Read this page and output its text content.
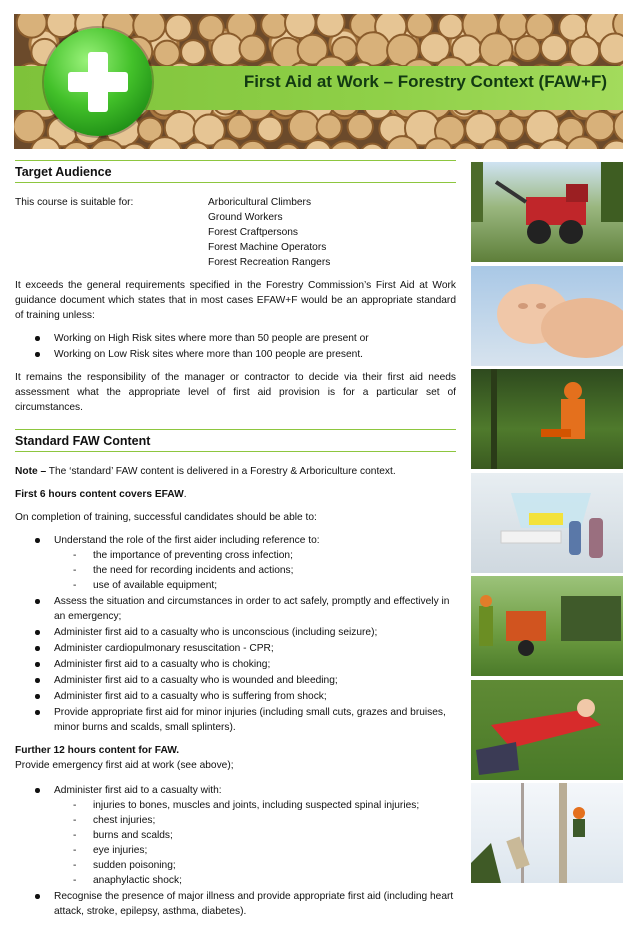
First Aid at Work – Forestry Context (FAW+F)
Target Audience
This course is suitable for:	Arboricultural Climbers
Ground Workers
Forest Craftpersons
Forest Machine Operators
Forest Recreation Rangers

It exceeds the general requirements specified in the Forestry Commission’s First Aid at Work guidance document which states that in most cases EFAW+F would be an appropriate standard of training unless:

Working on High Risk sites where more than 50 people are present or
Working on Low Risk sites where more than 100 people are present.

It remains the responsibility of the manager or contractor to decide via their first aid needs assessment what the appropriate level of first aid provision is for a particular set of circumstances.

Standard FAW Content

Note – The ‘standard’ FAW content is delivered in a Forestry & Arboriculture context.

First 6 hours content covers EFAW.

On completion of training, successful candidates should be able to:

Understand the role of the first aider including reference to:
- the importance of preventing cross infection;
- the need for recording incidents and actions;
- use of available equipment;
Assess the situation and circumstances in order to act safely, promptly and effectively in an emergency;
Administer first aid to a casualty who is unconscious (including seizure);
Administer cardiopulmonary resuscitation - CPR;
Administer first aid to a casualty who is choking;
Administer first aid to a casualty who is wounded and bleeding;
Administer first aid to a casualty who is suffering from shock;
Provide appropriate first aid for minor injuries (including small cuts, grazes and bruises, minor burns and scalds, small splinters).

Further 12 hours content for FAW.

Provide emergency first aid at work (see above);

Administer first aid to a casualty with:
- injuries to bones, muscles and joints, including suspected spinal injuries;
- chest injuries;
- burns and scalds;
- eye injuries;
- sudden poisoning;
- anaphylactic shock;
Recognise the presence of major illness and provide appropriate first aid (including heart attack, stroke, epilepsy, asthma, diabetes).
